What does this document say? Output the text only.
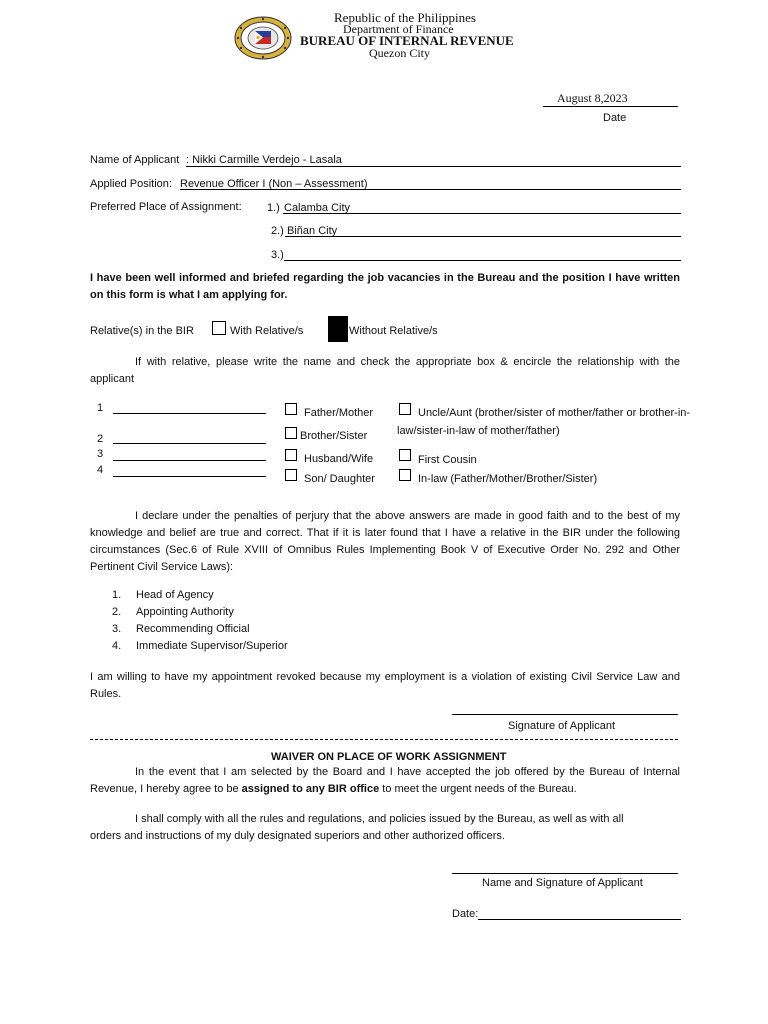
Republic of the Philippines
Department of Finance
BUREAU OF INTERNAL REVENUE
Quezon City
August 8,2023
Date
Name of Applicant : Nikki Carmille Verdejo - Lasala
Applied Position: Revenue Officer I (Non – Assessment)
Preferred Place of Assignment: 1.) Calamba City
2.) Biñan City
3.)
I have been well informed and briefed regarding the job vacancies in the Bureau and the position I have written on this form is what I am applying for.
Relative(s) in the BIR	With Relative/s	Without Relative/s
If with relative, please write the name and check the appropriate box & encircle the relationship with the applicant
1
2
3
4
Father/Mother
Brother/Sister
Husband/Wife
Son/ Daughter
Uncle/Aunt (brother/sister of mother/father or brother-in-
law/sister-in-law of mother/father)
First Cousin
In-law (Father/Mother/Brother/Sister)
I declare under the penalties of perjury that the above answers are made in good faith and to the best of my knowledge and belief are true and correct. That if it is later found that I have a relative in the BIR under the following circumstances (Sec.6 of Rule XVIII of Omnibus Rules Implementing Book V of Executive Order No. 292 and Other Pertinent Civil Service Laws):
1. Head of Agency
2. Appointing Authority
3. Recommending Official
4. Immediate Supervisor/Superior
I am willing to have my appointment revoked because my employment is a violation of existing Civil Service Law and Rules.
Signature of Applicant
WAIVER ON PLACE OF WORK ASSIGNMENT
In the event that I am selected by the Board and I have accepted the job offered by the Bureau of Internal Revenue, I hereby agree to be assigned to any BIR office to meet the urgent needs of the Bureau.
I shall comply with all the rules and regulations, and policies issued by the Bureau, as well as with all orders and instructions of my duly designated superiors and other authorized officers.
Name and Signature of Applicant
Date:
